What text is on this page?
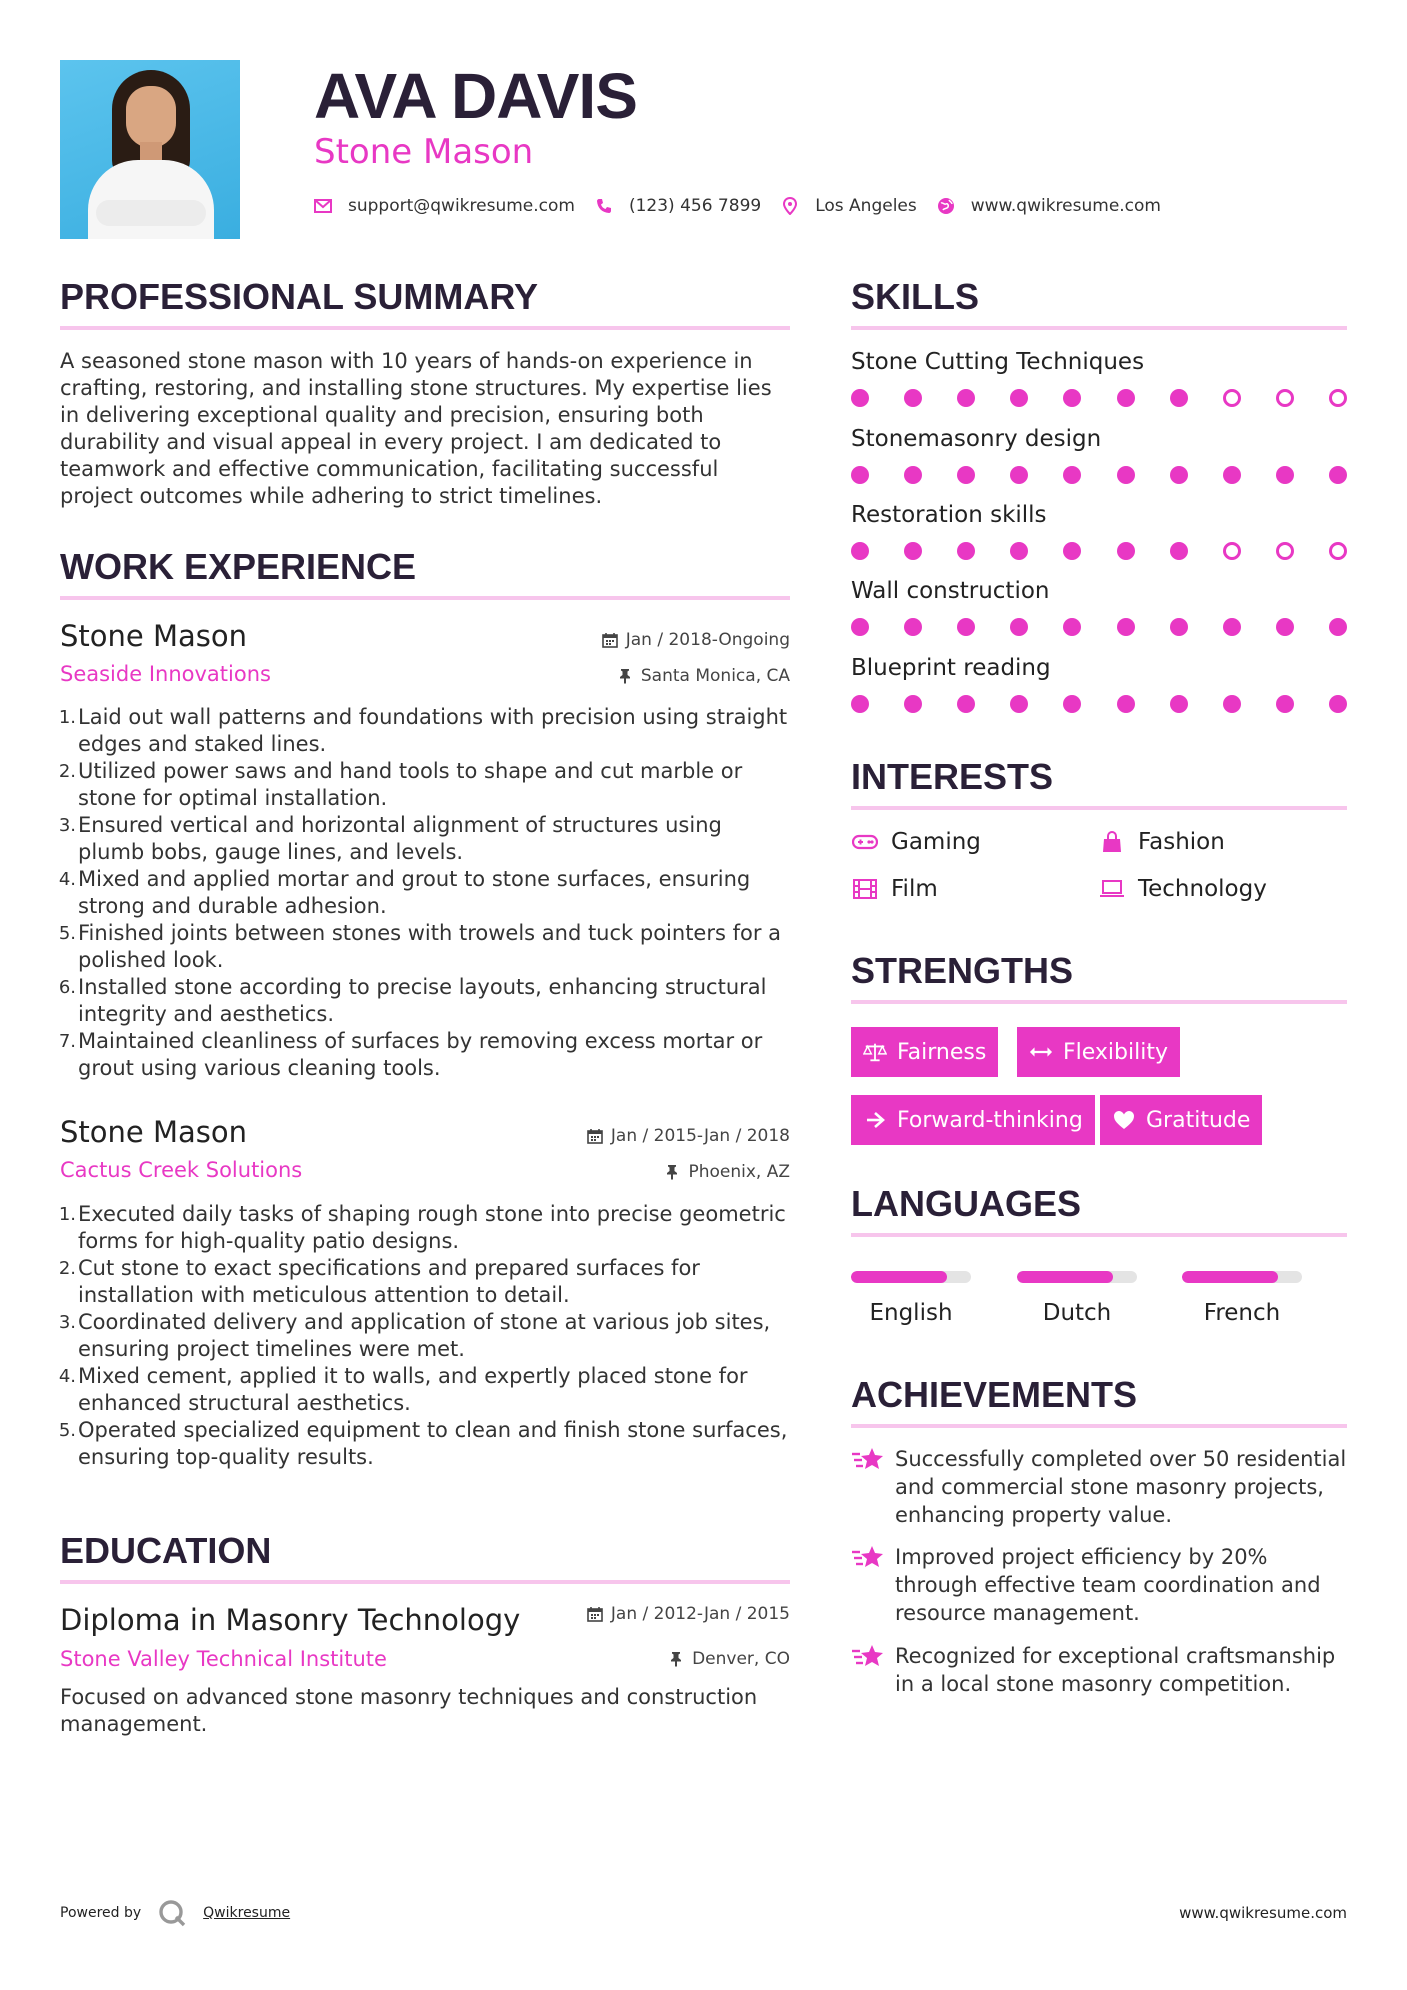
AVA DAVIS
Stone Mason
support@qwikresume.com	(123) 456 7899	Los Angeles	www.qwikresume.com
PROFESSIONAL SUMMARY
A seasoned stone mason with 10 years of hands-on experience in crafting, restoring, and installing stone structures. My expertise lies in delivering exceptional quality and precision, ensuring both durability and visual appeal in every project. I am dedicated to teamwork and effective communication, facilitating successful project outcomes while adhering to strict timelines.
WORK EXPERIENCE
Stone Mason	Jan / 2018-Ongoing
Seaside Innovations	Santa Monica, CA
1. Laid out wall patterns and foundations with precision using straight edges and staked lines.
2. Utilized power saws and hand tools to shape and cut marble or stone for optimal installation.
3. Ensured vertical and horizontal alignment of structures using plumb bobs, gauge lines, and levels.
4. Mixed and applied mortar and grout to stone surfaces, ensuring strong and durable adhesion.
5. Finished joints between stones with trowels and tuck pointers for a polished look.
6. Installed stone according to precise layouts, enhancing structural integrity and aesthetics.
7. Maintained cleanliness of surfaces by removing excess mortar or grout using various cleaning tools.
Stone Mason	Jan / 2015-Jan / 2018
Cactus Creek Solutions	Phoenix, AZ
1. Executed daily tasks of shaping rough stone into precise geometric forms for high-quality patio designs.
2. Cut stone to exact specifications and prepared surfaces for installation with meticulous attention to detail.
3. Coordinated delivery and application of stone at various job sites, ensuring project timelines were met.
4. Mixed cement, applied it to walls, and expertly placed stone for enhanced structural aesthetics.
5. Operated specialized equipment to clean and finish stone surfaces, ensuring top-quality results.
EDUCATION
Diploma in Masonry Technology	Jan / 2012-Jan / 2015
Stone Valley Technical Institute	Denver, CO
Focused on advanced stone masonry techniques and construction management.
SKILLS
Stone Cutting Techniques
Stonemasonry design
Restoration skills
Wall construction
Blueprint reading
INTERESTS
Gaming	Fashion
Film	Technology
STRENGTHS
Fairness	Flexibility
Forward-thinking	Gratitude
LANGUAGES
English	Dutch	French
ACHIEVEMENTS
Successfully completed over 50 residential and commercial stone masonry projects, enhancing property value.
Improved project efficiency by 20% through effective team coordination and resource management.
Recognized for exceptional craftsmanship in a local stone masonry competition.
Powered by	Qwikresume	www.qwikresume.com
